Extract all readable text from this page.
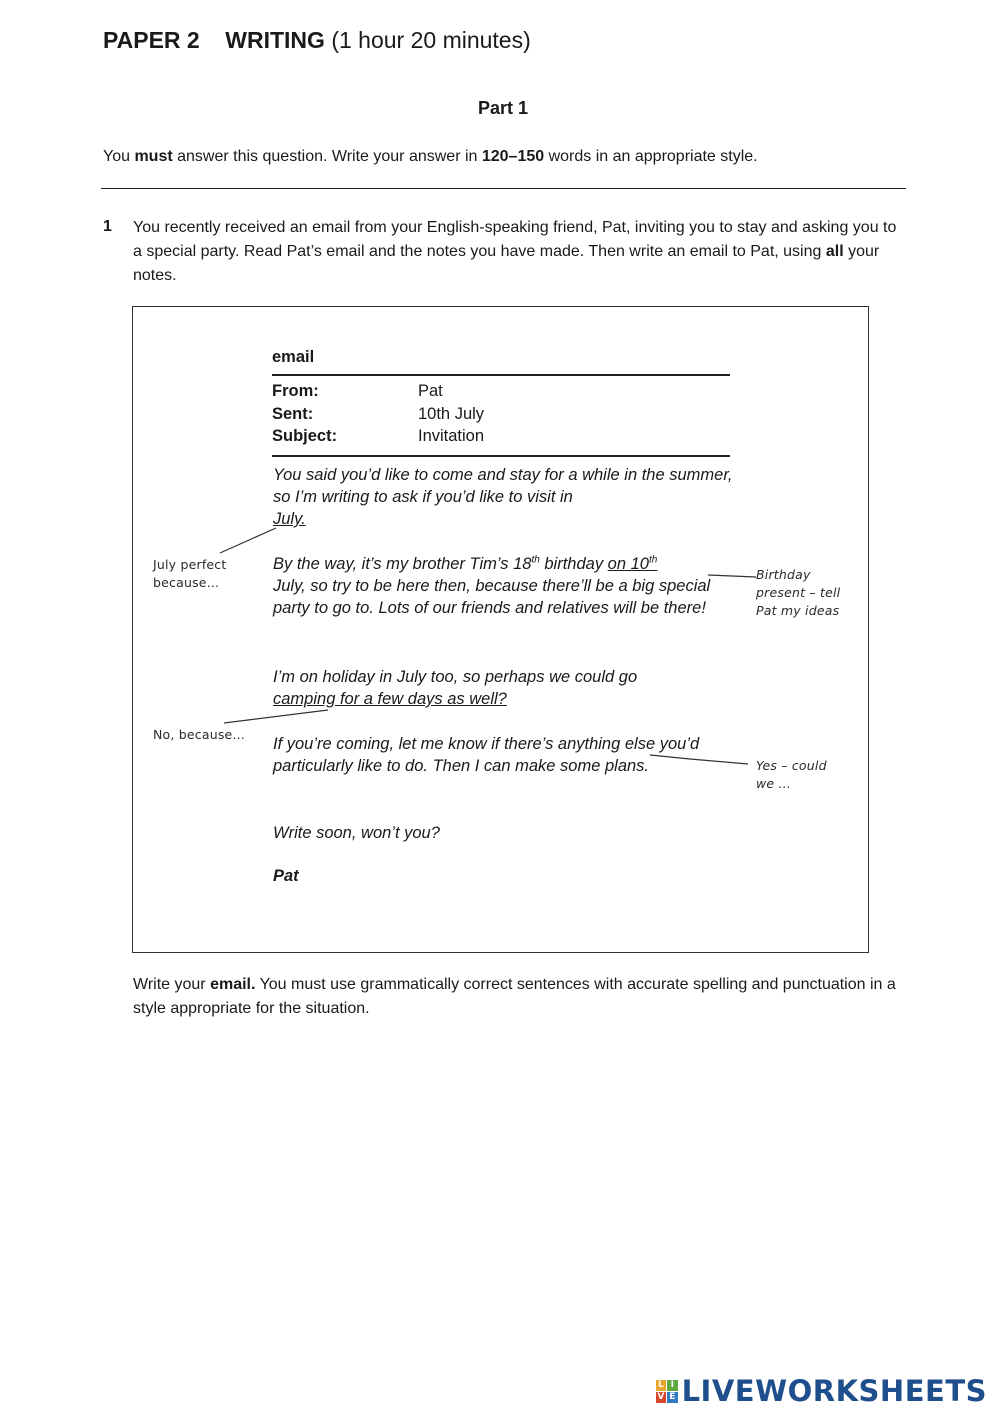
PAPER 2 WRITING (1 hour 20 minutes)
Part 1
You must answer this question. Write your answer in 120–150 words in an appropriate style.
1 You recently received an email from your English-speaking friend, Pat, inviting you to stay and asking you to a special party. Read Pat’s email and the notes you have made. Then write an email to Pat, using all your notes.
email
From:	Pat
Sent:	10th July
Subject:	Invitation
You said you’d like to come and stay for a while in the summer, so I’m writing to ask if you’d like to visit in
July.
By the way, it’s my brother Tim’s 18th birthday on 10th
July, so try to be here then, because there’ll be a big special party to go to. Lots of our friends and relatives will be there!
I’m on holiday in July too, so perhaps we could go
camping for a few days as well?
If you’re coming, let me know if there’s anything else you’d particularly like to do. Then I can make some plans.
Write soon, won’t you?
Pat
July perfect
because…
Birthday
present – tell
Pat my ideas
No, because…
Yes – could
we ...
Write your email. You must use grammatically correct sentences with accurate spelling and punctuation in a style appropriate for the situation.
L I
V E LIVEWORKSHEETS
